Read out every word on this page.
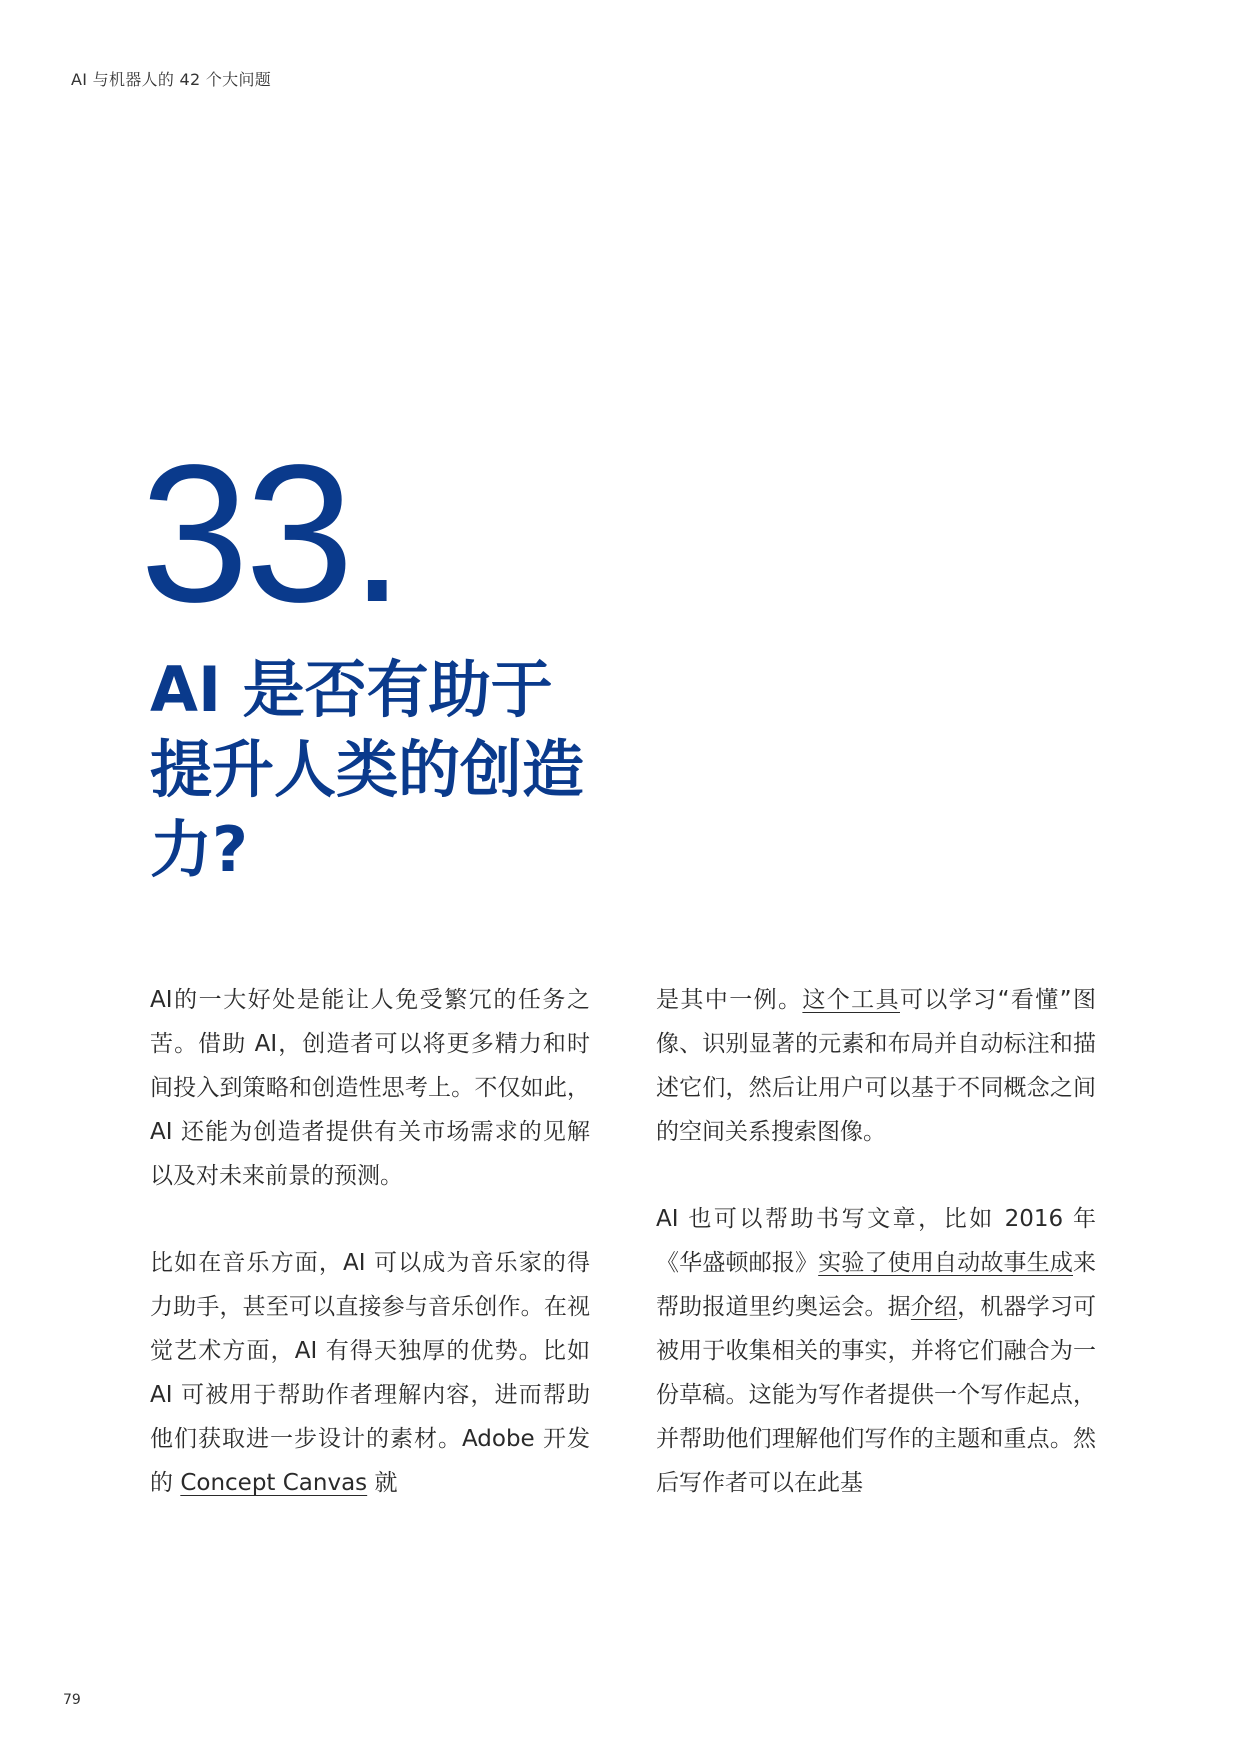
AI 与机器人的 42 个大问题
33.
AI 是否有助于提升人类的创造力?

AI的一大好处是能让人免受繁冗的任务之苦。借助 AI，创造者可以将更多精力和时间投入到策略和创造性思考上。不仅如此，AI 还能为创造者提供有关市场需求的见解以及对未来前景的预测。

比如在音乐方面，AI 可以成为音乐家的得力助手，甚至可以直接参与音乐创作。在视觉艺术方面，AI 有得天独厚的优势。比如 AI 可被用于帮助作者理解内容，进而帮助他们获取进一步设计的素材。Adobe 开发的 Concept Canvas 就

是其中一例。这个工具可以学习“看懂”图像、识别显著的元素和布局并自动标注和描述它们，然后让用户可以基于不同概念之间的空间关系搜索图像。

AI 也可以帮助书写文章，比如 2016 年《华盛顿邮报》实验了使用自动故事生成来帮助报道里约奥运会。据介绍，机器学习可被用于收集相关的事实，并将它们融合为一份草稿。这能为写作者提供一个写作起点，并帮助他们理解他们写作的主题和重点。然后写作者可以在此基

79
